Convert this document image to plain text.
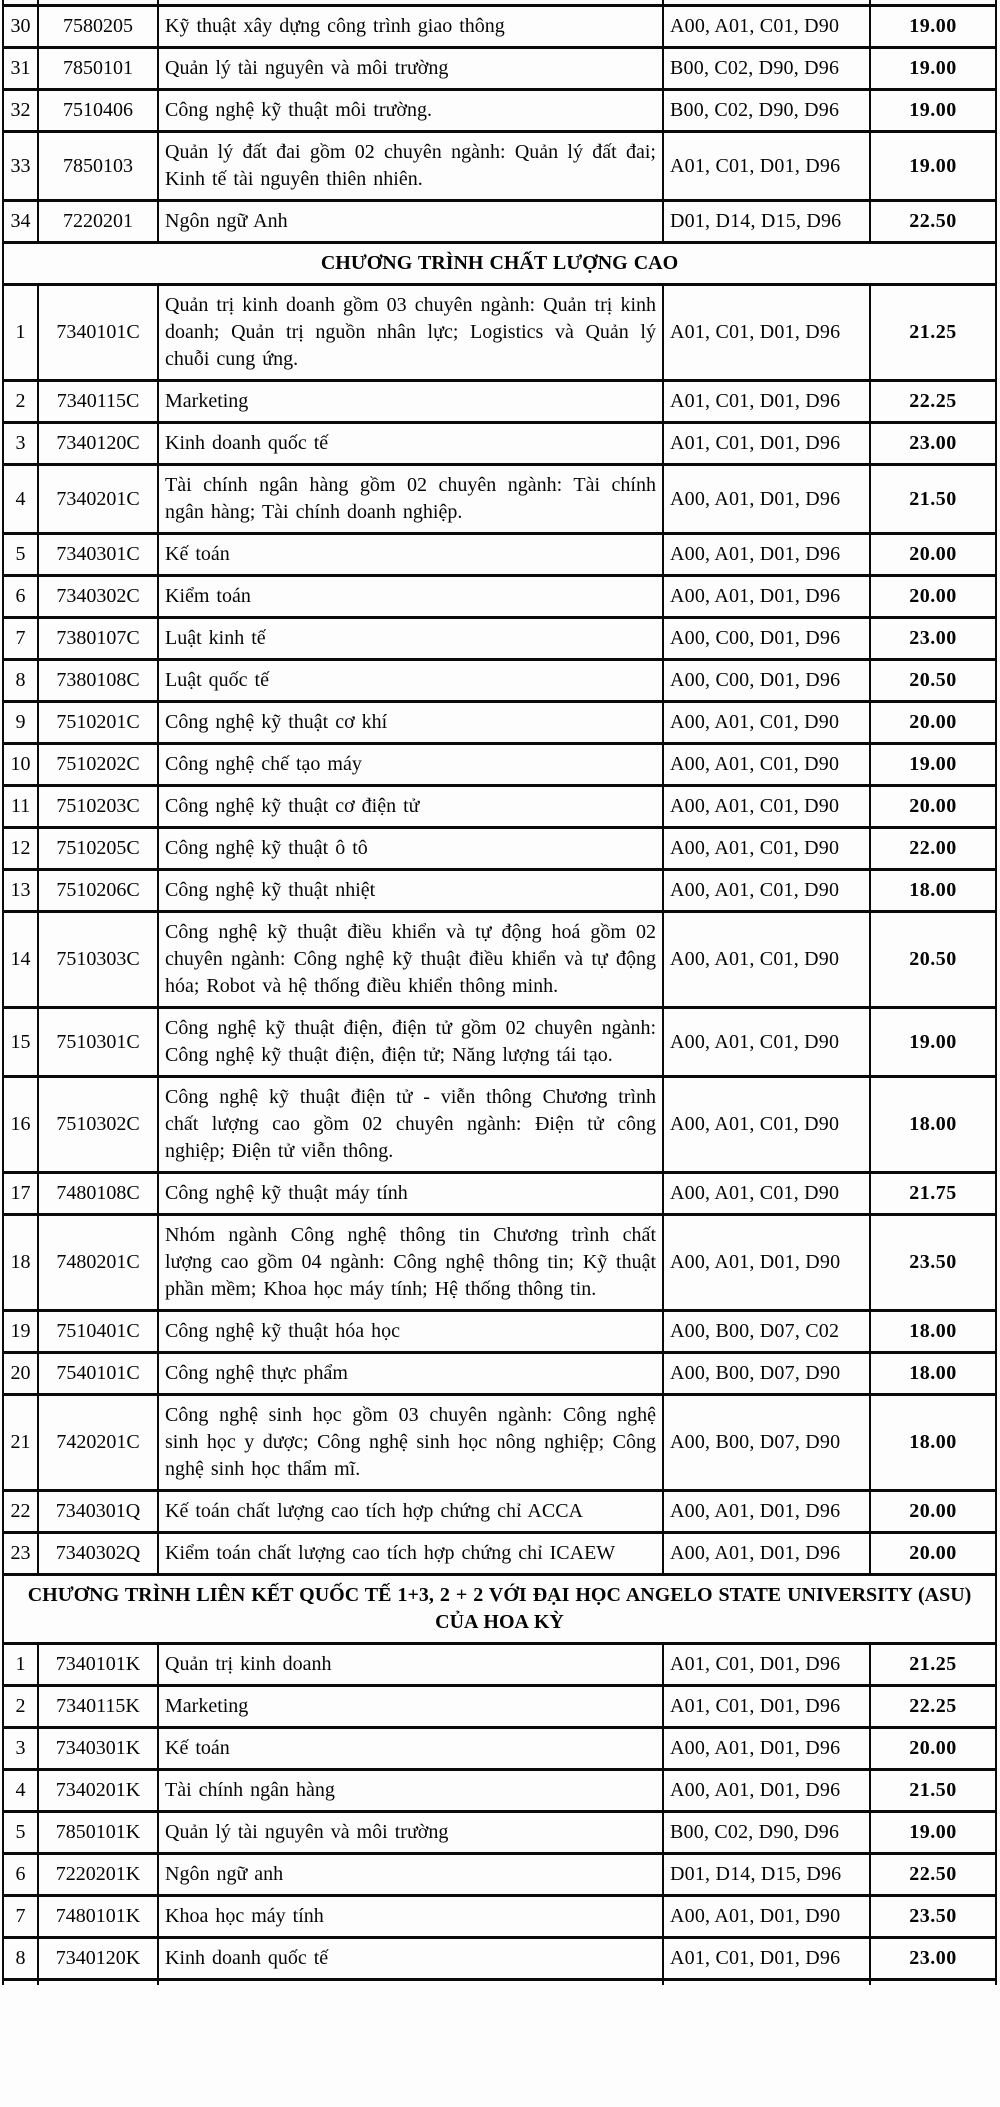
30	7580205	Kỹ thuật xây dựng công trình giao thông	A00, A01, C01, D90	19.00
31	7850101	Quản lý tài nguyên và môi trường	B00, C02, D90, D96	19.00
32	7510406	Công nghệ kỹ thuật môi trường.	B00, C02, D90, D96	19.00
33	7850103	Quản lý đất đai gồm 02 chuyên ngành: Quản lý đất đai; Kinh tế tài nguyên thiên nhiên.	A01, C01, D01, D96	19.00
34	7220201	Ngôn ngữ Anh	D01, D14, D15, D96	22.50
CHƯƠNG TRÌNH CHẤT LƯỢNG CAO				
1	7340101C	Quản trị kinh doanh gồm 03 chuyên ngành: Quản trị kinh doanh; Quản trị nguồn nhân lực; Logistics và Quản lý chuỗi cung ứng.	A01, C01, D01, D96	21.25
2	7340115C	Marketing	A01, C01, D01, D96	22.25
3	7340120C	Kinh doanh quốc tế	A01, C01, D01, D96	23.00
4	7340201C	Tài chính ngân hàng gồm 02 chuyên ngành: Tài chính ngân hàng; Tài chính doanh nghiệp.	A00, A01, D01, D96	21.50
5	7340301C	Kế toán	A00, A01, D01, D96	20.00
6	7340302C	Kiểm toán	A00, A01, D01, D96	20.00
7	7380107C	Luật kinh tế	A00, C00, D01, D96	23.00
8	7380108C	Luật quốc tế	A00, C00, D01, D96	20.50
9	7510201C	Công nghệ kỹ thuật cơ khí	A00, A01, C01, D90	20.00
10	7510202C	Công nghệ chế tạo máy	A00, A01, C01, D90	19.00
11	7510203C	Công nghệ kỹ thuật cơ điện tử	A00, A01, C01, D90	20.00
12	7510205C	Công nghệ kỹ thuật ô tô	A00, A01, C01, D90	22.00
13	7510206C	Công nghệ kỹ thuật nhiệt	A00, A01, C01, D90	18.00
14	7510303C	Công nghệ kỹ thuật điều khiển và tự động hoá gồm 02 chuyên ngành: Công nghệ kỹ thuật điều khiển và tự động hóa; Robot và hệ thống điều khiển thông minh.	A00, A01, C01, D90	20.50
15	7510301C	Công nghệ kỹ thuật điện, điện tử gồm 02 chuyên ngành: Công nghệ kỹ thuật điện, điện tử; Năng lượng tái tạo.	A00, A01, C01, D90	19.00
16	7510302C	Công nghệ kỹ thuật điện tử - viễn thông Chương trình chất lượng cao gồm 02 chuyên ngành: Điện tử công nghiệp; Điện tử viễn thông.	A00, A01, C01, D90	18.00
17	7480108C	Công nghệ kỹ thuật máy tính	A00, A01, C01, D90	21.75
18	7480201C	Nhóm ngành Công nghệ thông tin Chương trình chất lượng cao gồm 04 ngành: Công nghệ thông tin; Kỹ thuật phần mềm; Khoa học máy tính; Hệ thống thông tin.	A00, A01, D01, D90	23.50
19	7510401C	Công nghệ kỹ thuật hóa học	A00, B00, D07, C02	18.00
20	7540101C	Công nghệ thực phẩm	A00, B00, D07, D90	18.00
21	7420201C	Công nghệ sinh học gồm 03 chuyên ngành: Công nghệ sinh học y dược; Công nghệ sinh học nông nghiệp; Công nghệ sinh học thẩm mĩ.	A00, B00, D07, D90	18.00
22	7340301Q	Kế toán chất lượng cao tích hợp chứng chỉ ACCA	A00, A01, D01, D96	20.00
23	7340302Q	Kiểm toán chất lượng cao tích hợp chứng chỉ ICAEW	A00, A01, D01, D96	20.00
CHƯƠNG TRÌNH LIÊN KẾT QUỐC TẾ 1+3, 2 + 2 VỚI ĐẠI HỌC ANGELO STATE UNIVERSITY (ASU) CỦA HOA KỲ				
1	7340101K	Quản trị kinh doanh	A01, C01, D01, D96	21.25
2	7340115K	Marketing	A01, C01, D01, D96	22.25
3	7340301K	Kế toán	A00, A01, D01, D96	20.00
4	7340201K	Tài chính ngân hàng	A00, A01, D01, D96	21.50
5	7850101K	Quản lý tài nguyên và môi trường	B00, C02, D90, D96	19.00
6	7220201K	Ngôn ngữ anh	D01, D14, D15, D96	22.50
7	7480101K	Khoa học máy tính	A00, A01, D01, D90	23.50
8	7340120K	Kinh doanh quốc tế	A01, C01, D01, D96	23.00
